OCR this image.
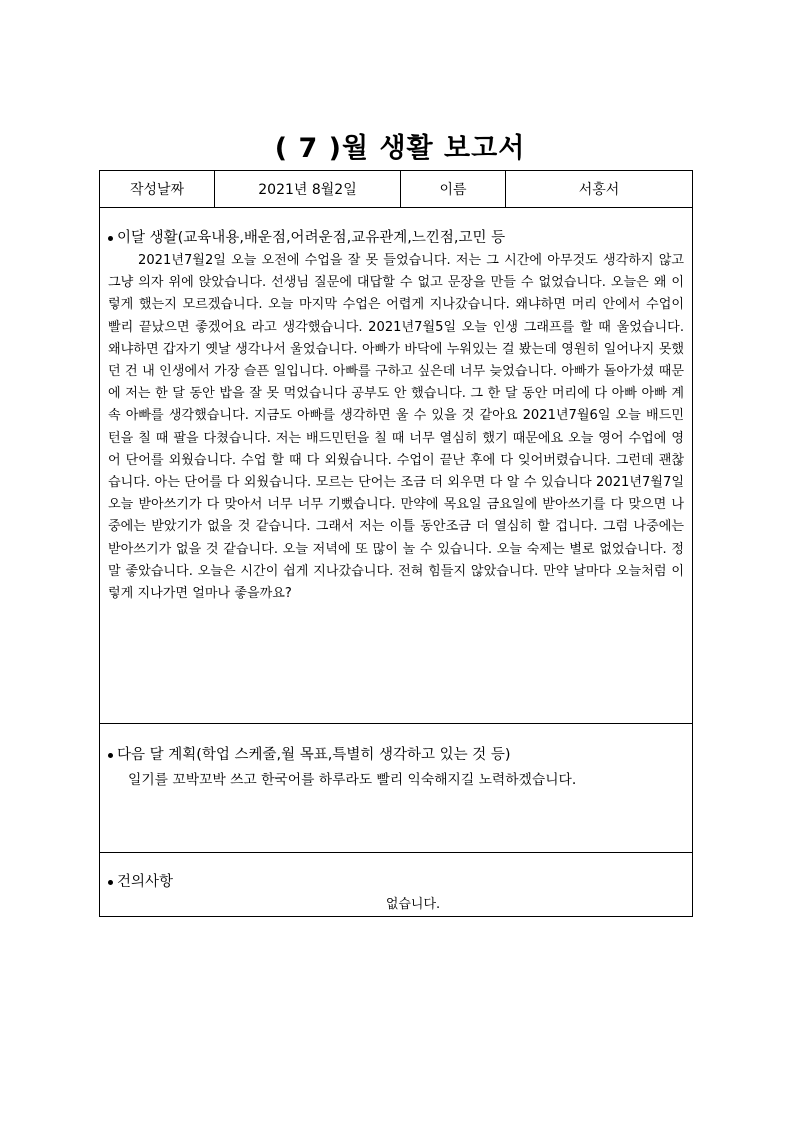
( 7 )월 생활 보고서
작성날짜	2021년 8월2일	이름	서홍서
이달 생활(교육내용,배운점,어려운점,교유관계,느낀점,고민 등
2021년7월2일 오늘 오전에 수업을 잘 못 들었습니다. 저는 그 시간에 아무것도 생각하지 않고 그냥 의자 위에 앉았습니다. 선생님 질문에 대답할 수 없고 문장을 만들 수 없었습니다. 오늘은 왜 이렇게 했는지 모르겠습니다. 오늘 마지막 수업은 어렵게 지나갔습니다. 왜냐하면 머리 안에서 수업이 빨리 끝났으면 좋겠어요 라고 생각했습니다. 2021년7월5일 오늘 인생 그래프를 할 때 울었습니다. 왜냐하면 갑자기 옛날 생각나서 울었습니다. 아빠가 바닥에 누워있는 걸 봤는데 영원히 일어나지 못했던 건 내 인생에서 가장 슬픈 일입니다. 아빠를 구하고 싶은데 너무 늦었습니다. 아빠가 돌아가셨 때문에 저는 한 달 동안 밥을 잘 못 먹었습니다 공부도 안 했습니다. 그 한 달 동안 머리에 다 아빠 아빠 계속 아빠를 생각했습니다. 지금도 아빠를 생각하면 울 수 있을 것 같아요 2021년7월6일 오늘 배드민턴을 칠 때 팔을 다쳤습니다. 저는 배드민턴을 칠 때 너무 열심히 했기 때문에요 오늘 영어 수업에 영어 단어를 외웠습니다. 수업 할 때 다 외웠습니다. 수업이 끝난 후에 다 잊어버렸습니다. 그런데 괜찮습니다. 아는 단어를 다 외웠습니다. 모르는 단어는 조금 더 외우면 다 알 수 있습니다 2021년7월7일 오늘 받아쓰기가 다 맞아서 너무 너무 기뻤습니다. 만약에 목요일 금요일에 받아쓰기를 다 맞으면 나중에는 받았기가 없을 것 같습니다. 그래서 저는 이틀 동안조금 더 열심히 할 겁니다. 그럼 나중에는 받아쓰기가 없을 것 같습니다. 오늘 저녁에 또 많이 놀 수 있습니다. 오늘 숙제는 별로 없었습니다. 정말 좋았습니다. 오늘은 시간이 쉽게 지나갔습니다. 전혀 힘들지 않았습니다. 만약 날마다 오늘처럼 이렇게 지나가면 얼마나 좋을까요?
다음 달 계획(학업 스케줄,월 목표,특별히 생각하고 있는 것 등)
일기를 꼬박꼬박 쓰고 한국어를 하루라도 빨리 익숙해지길 노력하겠습니다.
건의사항
없습니다.
